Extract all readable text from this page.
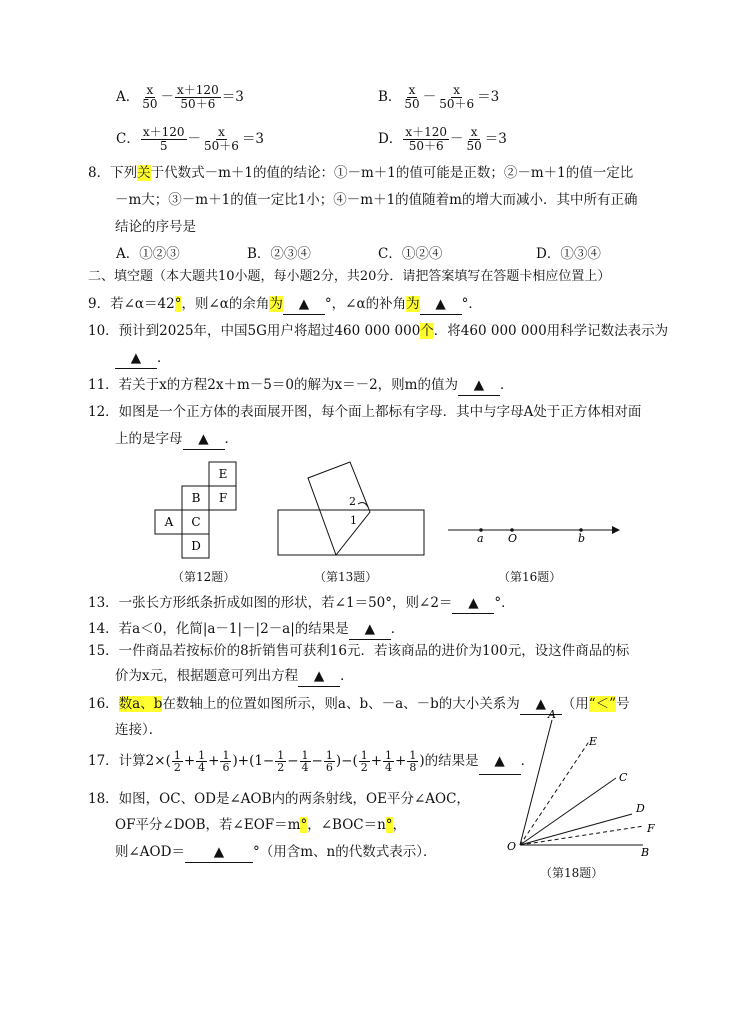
A． $\frac{x}{50} - \frac{x+120}{50+6} =3$	B． $\frac{x}{50} - \frac{x}{50+6} =3$
C． $\frac{x+120}{5} - \frac{x}{50+6} =3$	D． $\frac{x+120}{50+6} - \frac{x}{50} =3$
8．下列关于代数式－m＋1的值的结论：①－m＋1的值可能是正数；②－m＋1的值一定比
－m大；③－m＋1的值一定比1小；④－m＋1的值随着m的增大而减小．其中所有正确
结论的序号是
A．①②③	B．②③④	C．①②④	D．①③④
二、填空题（本大题共10小题，每小题2分，共20分．请把答案填写在答题卡相应位置上）
9．若∠α＝42°，则∠α的余角为 ▲ °，∠α的补角为 ▲ °．
10．预计到2025年，中国5G用户将超过460 000 000个．将460 000 000用科学记数法表示为
▲ ．
11．若关于x的方程2x＋m－5＝0的解为x＝－2，则m的值为 ▲ ．
12．如图是一个正方体的表面展开图，每个面上都标有字母．其中与字母A处于正方体相对面
上的是字母 ▲ ．
E
B F
A C
D
2
1
a O	b
（第12题）	（第13题）	（第16题）
13．一张长方形纸条折成如图的形状，若∠1＝50°，则∠2＝ ▲ °．
14．若a＜0，化简|a－1|－|2－a|的结果是 ▲ ．
15．一件商品若按标价的8折销售可获利16元．若该商品的进价为100元，设这件商品的标
价为x元，根据题意可列出方程 ▲ ．
16．数a、b在数轴上的位置如图所示，则a、b、－a、－b的大小关系为 ▲ （用“＜”号
连接）．
17．计算$2\times( \frac{1}{2} + \frac{1}{4} + \frac{1}{6} )+(1- \frac{1}{2} - \frac{1}{4} - \frac{1}{6}$ )−( $\frac{1}{2} + \frac{1}{4} + \frac{1}{8}$ )的结果是 ▲ ．
18．如图，OC、OD是∠AOB内的两条射线，OE平分∠AOC，
OF平分∠DOB，若∠EOF＝m°，∠BOC＝n°，
则∠AOD＝ ▲ °（用含m、n的代数式表示）．
A
E
C
D
F
O	B
（第18题）
